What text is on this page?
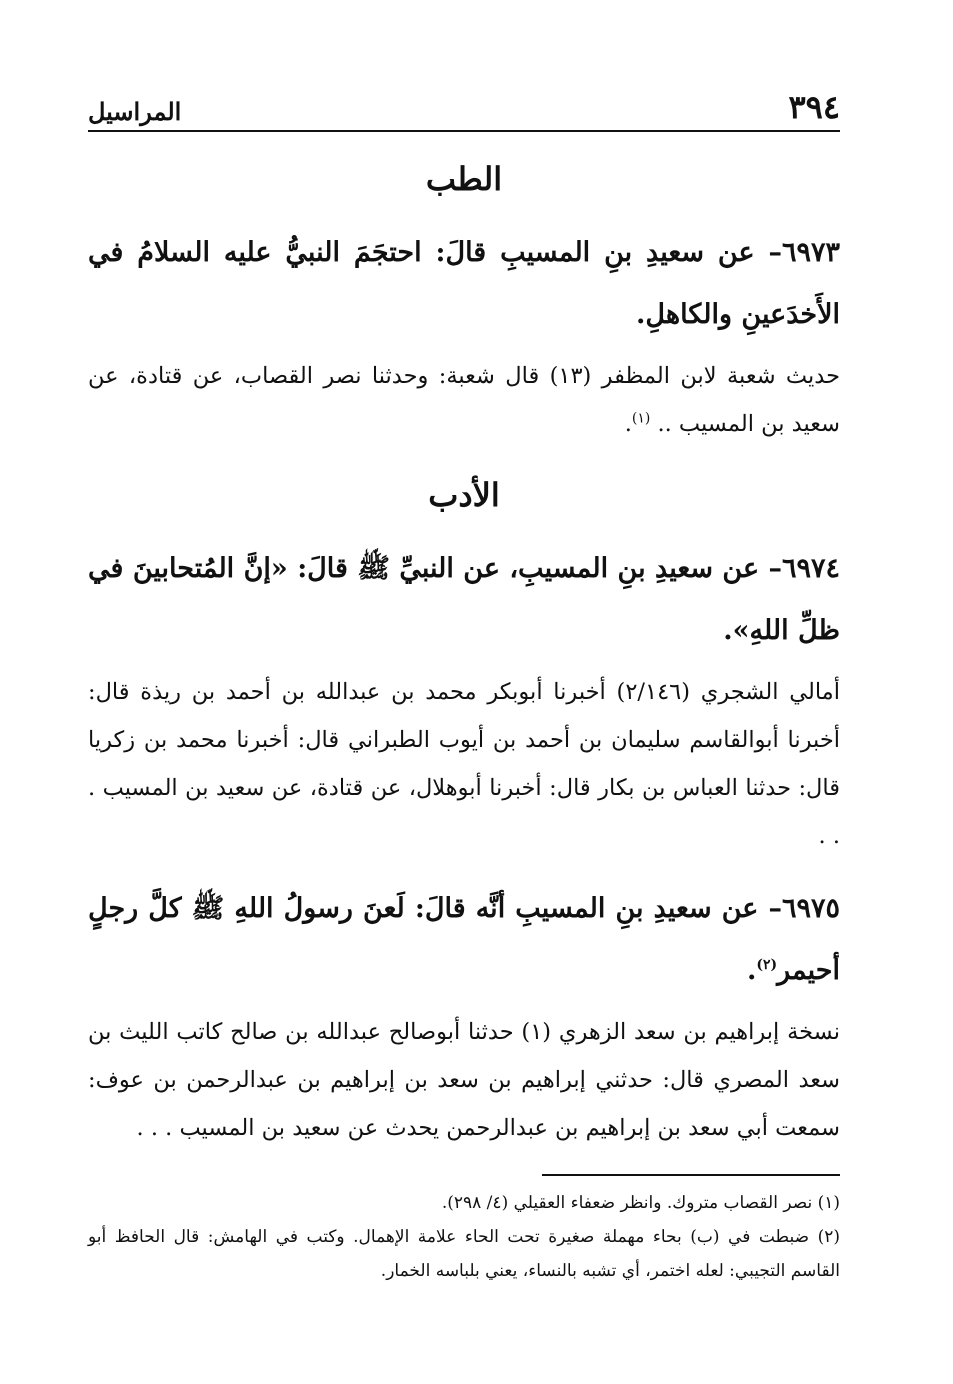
٣٩٤
المراسيل
الطب
٦٩٧٣– عن سعيدِ بنِ المسيبِ قالَ: احتجَمَ النبيُّ عليه السلامُ في الأَخدَعينِ والكاهلِ.
حديث شعبة لابن المظفر (١٣) قال شعبة: وحدثنا نصر القصاب، عن قتادة، عن سعيد بن المسيب .. $^{(١)}$.
الأدب
٦٩٧٤– عن سعيدِ بنِ المسيبِ، عن النبيِّ ﷺ قالَ: «إنَّ المُتحابينَ في ظلِّ اللهِ».
أمالي الشجري (٢/١٤٦) أخبرنا أبوبكر محمد بن عبدالله بن أحمد بن ريذة قال: أخبرنا أبوالقاسم سليمان بن أحمد بن أيوب الطبراني قال: أخبرنا محمد بن زكريا قال: حدثنا العباس بن بكار قال: أخبرنا أبوهلال، عن قتادة، عن سعيد بن المسيب . . .
٦٩٧٥– عن سعيدِ بنِ المسيبِ أنَّه قالَ: لَعنَ رسولُ اللهِ ﷺ كلَّ رجلٍ أحيمر$^{(٢)}$.
نسخة إبراهيم بن سعد الزهري (١) حدثنا أبوصالح عبدالله بن صالح كاتب الليث بن سعد المصري قال: حدثني إبراهيم بن سعد بن إبراهيم بن عبدالرحمن بن عوف: سمعت أبي سعد بن إبراهيم بن عبدالرحمن يحدث عن سعيد بن المسيب . . .
(١) نصر القصاب متروك. وانظر ضعفاء العقيلي (٤/ ٢٩٨).
(٢) ضبطت في (ب) بحاء مهملة صغيرة تحت الحاء علامة الإهمال. وكتب في الهامش: قال الحافظ أبو القاسم التجيبي: لعله اختمر، أي تشبه بالنساء، يعني بلباسه الخمار.
